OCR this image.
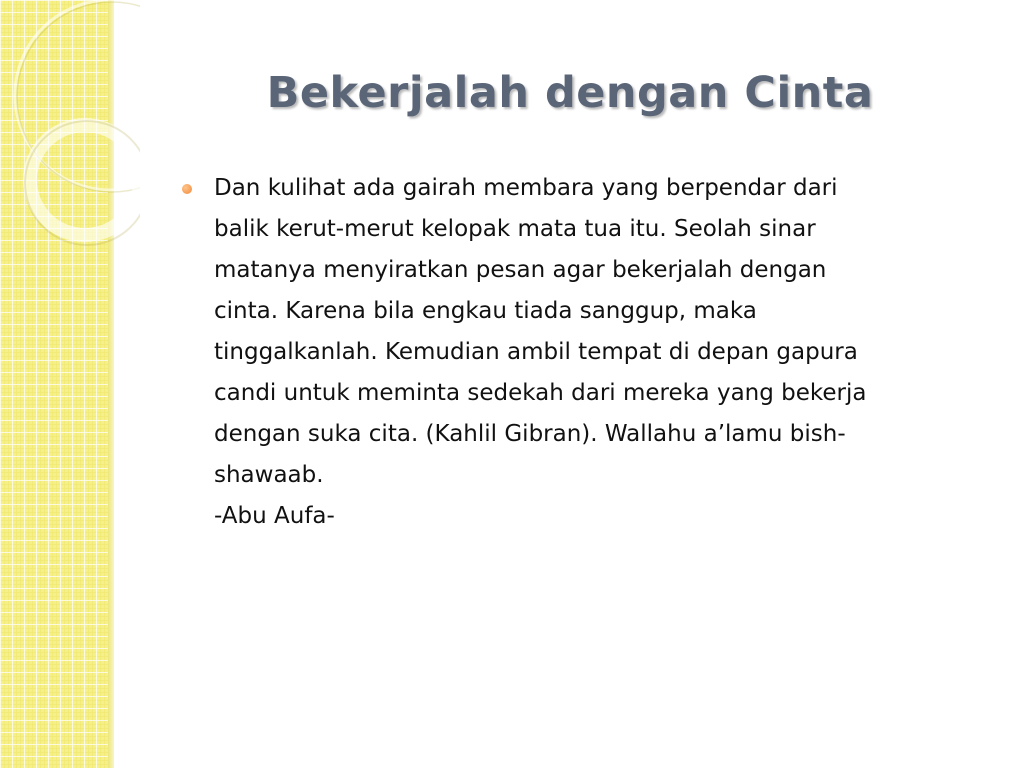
Bekerjalah dengan Cinta
Dan kulihat ada gairah membara yang berpendar dari
balik kerut-merut kelopak mata tua itu. Seolah sinar
matanya menyiratkan pesan agar bekerjalah dengan
cinta. Karena bila engkau tiada sanggup, maka
tinggalkanlah. Kemudian ambil tempat di depan gapura
candi untuk meminta sedekah dari mereka yang bekerja
dengan suka cita. (Kahlil Gibran). Wallahu a’lamu bish-
shawaab.
-Abu Aufa-
